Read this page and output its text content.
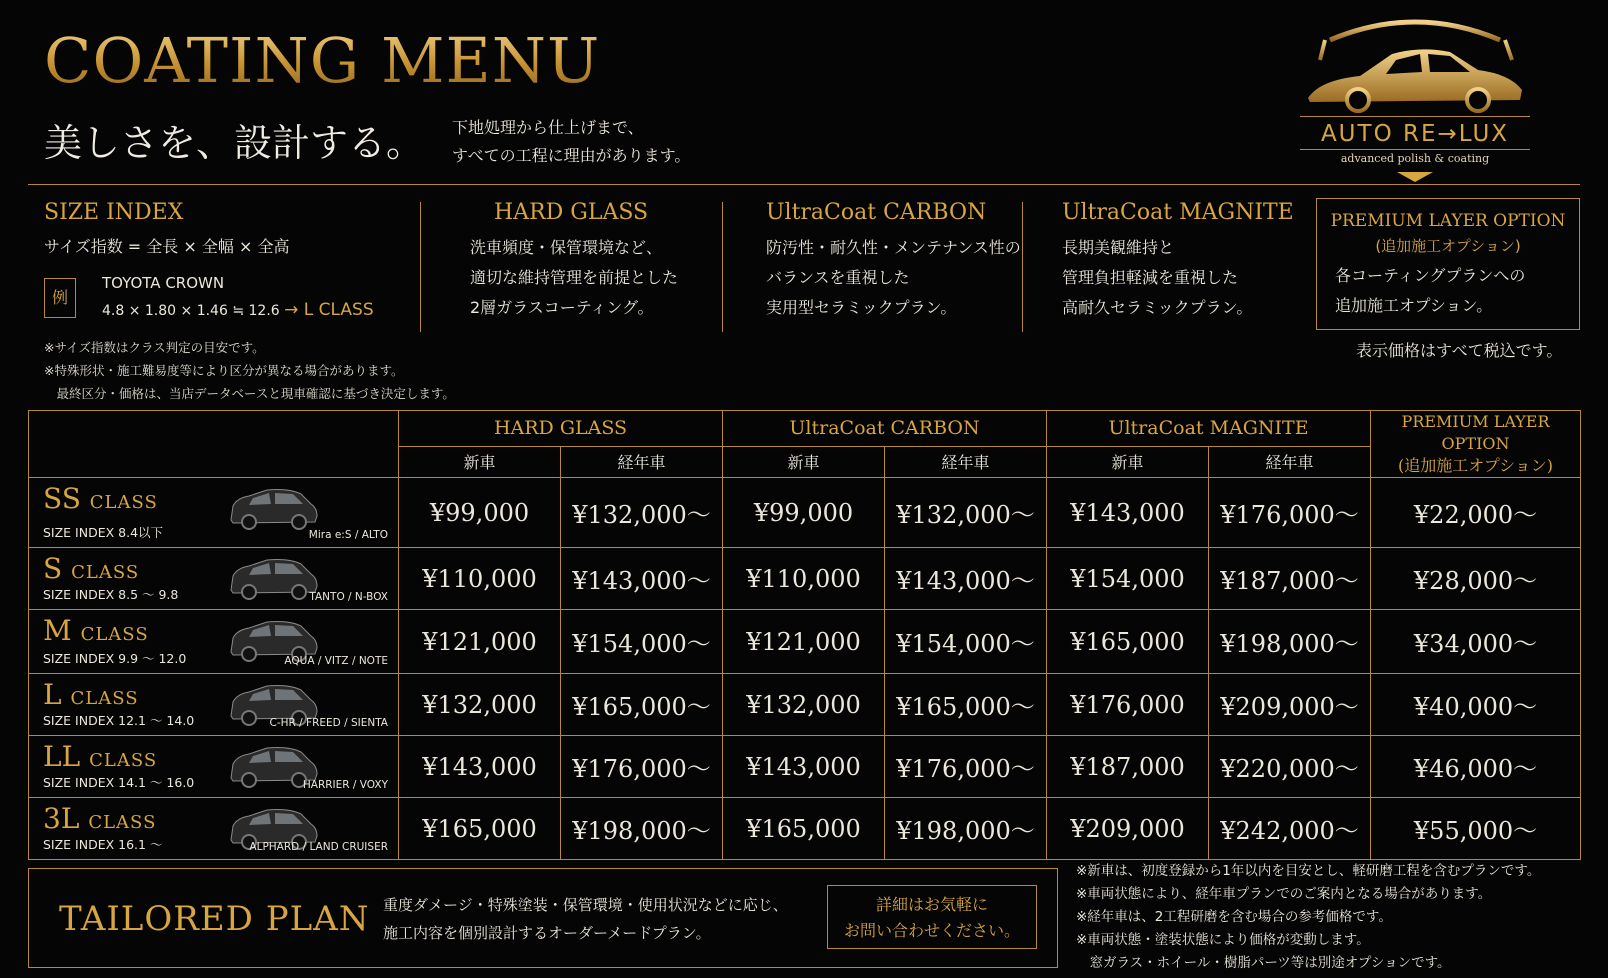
COATING MENU
美しさを、設計する。 下地処理から仕上げまで、
すべての工程に理由があります。
AUTO RE→LUX
advanced polish & coating
SIZE INDEX
サイズ指数 = 全長 × 全幅 × 全高
例
TOYOTA CROWN
4.8 × 1.80 × 1.46 ≒ 12.6 → L CLASS
※サイズ指数はクラス判定の目安です。
※特殊形状・施工難易度等により区分が異なる場合があります。
　最終区分・価格は、当店データベースと現車確認に基づき決定します。
HARD GLASS
洗車頻度・保管環境など、
適切な維持管理を前提とした
2層ガラスコーティング。
UltraCoat CARBON
防汚性・耐久性・メンテナンス性の
バランスを重視した
実用型セラミックプラン。
UltraCoat MAGNITE
長期美観維持と
管理負担軽減を重視した
高耐久セラミックプラン。
PREMIUM LAYER OPTION
(追加施工オプション)
各コーティングプランへの
追加施工オプション。
表示価格はすべて税込です。
	HARD GLASS		UltraCoat CARBON		UltraCoat MAGNITE		PREMIUM LAYER OPTION
(追加施工オプション)

	新車	経年車	新車	経年車	新車	経年車	

SS CLASS
SIZE INDEX 8.4以下 Mira e:S / ALTO	¥99,000	¥132,000～	¥99,000	¥132,000～	¥143,000	¥176,000～	¥22,000～

S CLASS
SIZE INDEX 8.5 ～ 9.8 TANTO / N-BOX	¥110,000	¥143,000～	¥110,000	¥143,000～	¥154,000	¥187,000～	¥28,000～

M CLASS
SIZE INDEX 9.9 ～ 12.0 AQUA / VITZ / NOTE	¥121,000	¥154,000～	¥121,000	¥154,000～	¥165,000	¥198,000～	¥34,000～

L CLASS
SIZE INDEX 12.1 ～ 14.0 C-HR / FREED / SIENTA	¥132,000	¥165,000～	¥132,000	¥165,000～	¥176,000	¥209,000～	¥40,000～

LL CLASS
SIZE INDEX 14.1 ～ 16.0 HARRIER / VOXY	¥143,000	¥176,000～	¥143,000	¥176,000～	¥187,000	¥220,000～	¥46,000～

3L CLASS
SIZE INDEX 16.1 ～ ALPHARD / LAND CRUISER	¥165,000	¥198,000～	¥165,000	¥198,000～	¥209,000	¥242,000～	¥55,000～
TAILORED PLAN 重度ダメージ・特殊塗装・保管環境・使用状況などに応じ、
施工内容を個別設計するオーダーメードプラン。
詳細はお気軽に
お問い合わせください。
※新車は、初度登録から1年以内を目安とし、軽研磨工程を含むプランです。
※車両状態により、経年車プランでのご案内となる場合があります。
※経年車は、2工程研磨を含む場合の参考価格です。
※車両状態・塗装状態により価格が変動します。
　窓ガラス・ホイール・樹脂パーツ等は別途オプションです。
